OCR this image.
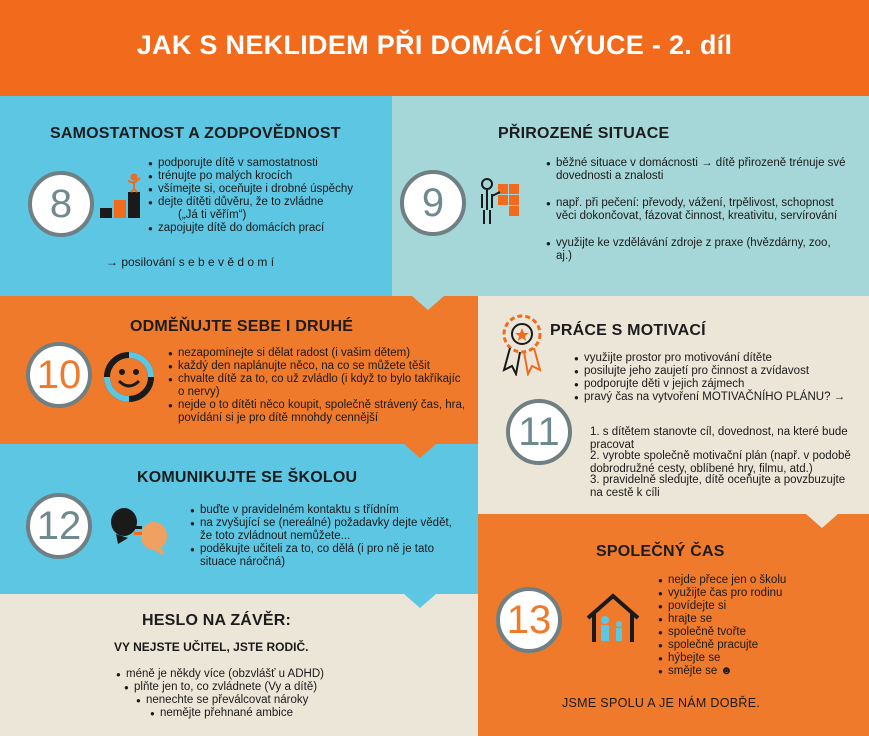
JAK S NEKLIDEM PŘI DOMÁCÍ VÝUCE - 2. díl
SAMOSTATNOST A ZODPOVĚDNOST
8
● podporujte dítě v samostatnosti
● trénujte po malých krocích
● všímejte si, oceňujte i drobné úspěchy
● dejte dítěti důvěru, že to zvládne
(„Já ti věřím“)
● zapojujte dítě do domácích prací
→ posilování s e b e v ě d o m í
PŘIROZENÉ SITUACE
9
● běžné situace v domácnosti → dítě přirozeně trénuje své dovednosti a znalosti
● např. při pečení: převody, vážení, trpělivost, schopnost věci dokončovat, fázovat činnost, kreativitu, servírování
● využijte ke vzdělávání zdroje z praxe (hvězdárny, zoo, aj.)
ODMĚŇUJTE SEBE I DRUHÉ
10	● nezapomínejte si dělat radost (i vašim dětem)
● každý den naplánujte něco, na co se můžete těšit
● chvalte dítě za to, co už zvládlo (i když to bylo takříkajíc o nervy)
● nejde o to dítěti něco koupit, společně strávený čas, hra, povídání si je pro dítě mnohdy cennější
PRÁCE S MOTIVACÍ
● využijte prostor pro motivování dítěte
● posilujte jeho zaujetí pro činnost a zvídavost
● podporujte děti v jejich zájmech
● pravý čas na vytvoření MOTIVAČNÍHO PLÁNU? →
11	1. s dítětem stanovte cíl, dovednost, na které bude pracovat
2. vyrobte společně motivační plán (např. v podobě dobrodružné cesty, oblíbené hry, filmu, atd.)
3. pravidelně sledujte, dítě oceňujte a povzbuzujte na cestě k cíli
KOMUNIKUJTE SE ŠKOLOU
12	● buďte v pravidelném kontaktu s třídním
● na zvyšující se (nereálné) požadavky dejte vědět, že toto zvládnout nemůžete...
● poděkujte učiteli za to, co dělá (i pro ně je tato situace náročná)
HESLO NA ZÁVĚR:
VY NEJSTE UČITEL, JSTE RODIČ.
● méně je někdy více (obzvlášť u ADHD)
● plňte jen to, co zvládnete (Vy a dítě)
● nenechte se převálcovat nároky
● nemějte přehnané ambice
SPOLEČNÝ ČAS
13
● nejde přece jen o školu
● využijte čas pro rodinu
● povídejte si
● hrajte se
● společně tvořte
● společně pracujte
● hýbejte se
● smějte se ☻
JSME SPOLU A JE NÁM DOBŘE.
